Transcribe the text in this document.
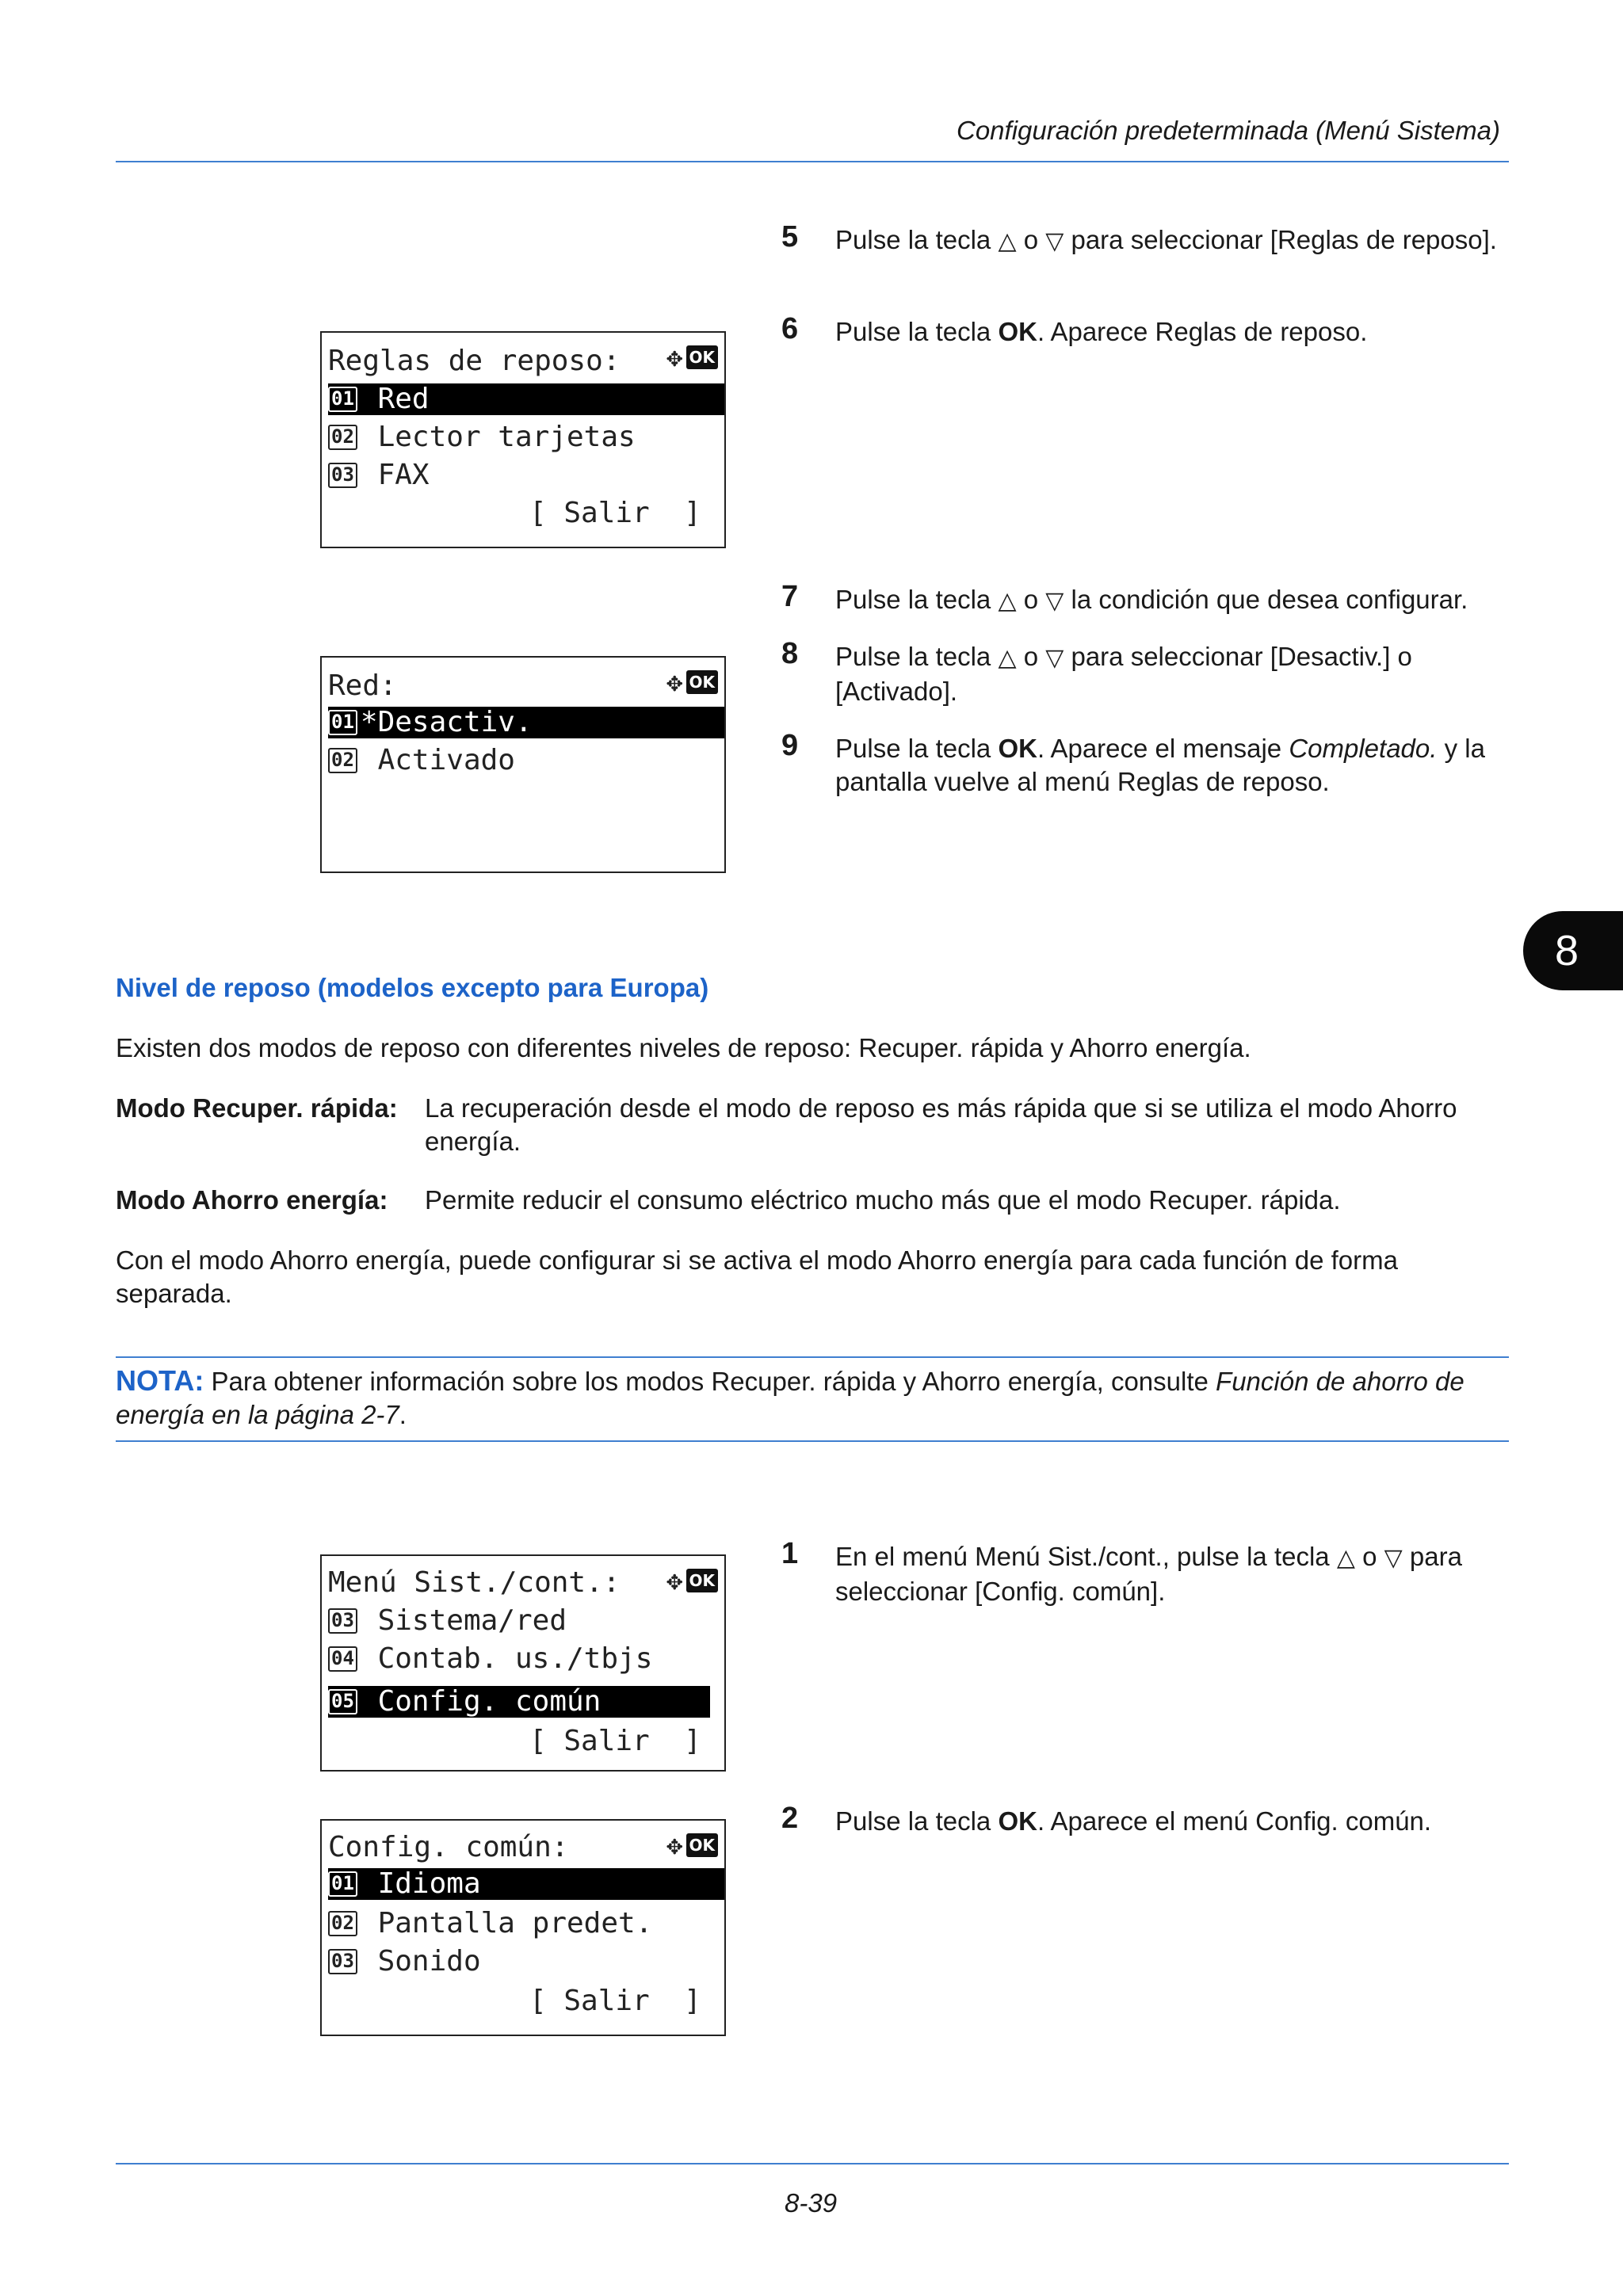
Configuración predeterminada (Menú Sistema)
5 Pulse la tecla △ o ▽ para seleccionar [Reglas de reposo].
6 Pulse la tecla OK. Aparece Reglas de reposo.
Reglas de reposo:	✥ OK
01 Red
02 Lector tarjetas
03 FAX
[ Salir  ]
7 Pulse la tecla △ o ▽ la condición que desea configurar.
8 Pulse la tecla △ o ▽ para seleccionar [Desactiv.] o [Activado].
9 Pulse la tecla OK. Aparece el mensaje Completado. y la pantalla vuelve al menú Reglas de reposo.
Red:	✥ OK
01 *Desactiv.
02 Activado
8
Nivel de reposo (modelos excepto para Europa)
Existen dos modos de reposo con diferentes niveles de reposo: Recuper. rápida y Ahorro energía.
Modo Recuper. rápida: La recuperación desde el modo de reposo es más rápida que si se utiliza el modo Ahorro energía.
Modo Ahorro energía: Permite reducir el consumo eléctrico mucho más que el modo Recuper. rápida.
Con el modo Ahorro energía, puede configurar si se activa el modo Ahorro energía para cada función de forma separada.
NOTA: Para obtener información sobre los modos Recuper. rápida y Ahorro energía, consulte Función de ahorro de energía en la página 2-7.
1 En el menú Menú Sist./cont., pulse la tecla △ o ▽ para seleccionar [Config. común].
Menú Sist./cont.:	✥ OK
03 Sistema/red
04 Contab. us./tbjs
05 Config. común
[ Salir  ]
2 Pulse la tecla OK. Aparece el menú Config. común.
Config. común:	✥ OK
01 Idioma
02 Pantalla predet.
03 Sonido
[ Salir  ]
8-39
